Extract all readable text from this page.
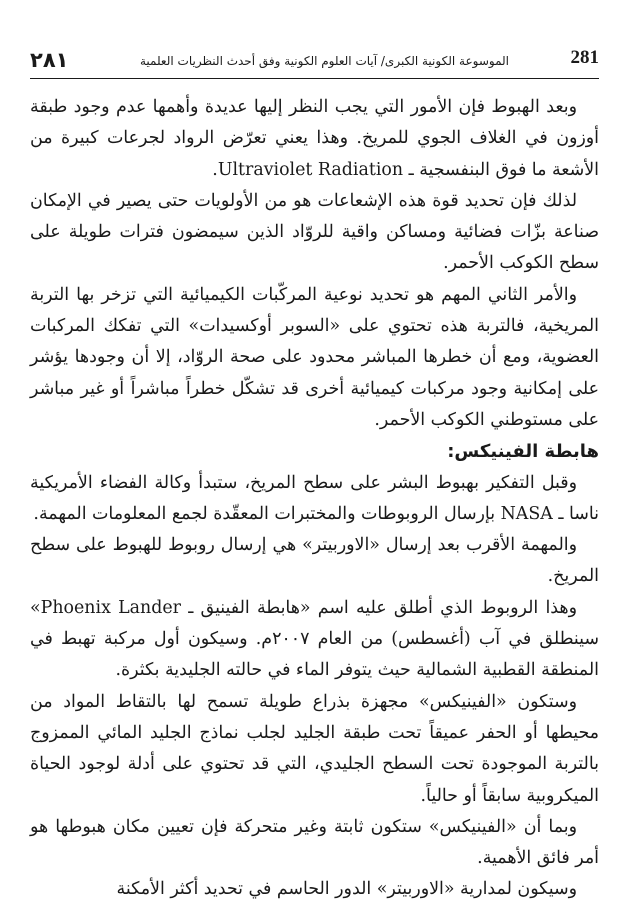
٢٨١	الموسوعة الكونية الكبرى/ آيات العلوم الكونية وفق أحدث النظريات العلمية	281

وبعد الهبوط فإن الأمور التي يجب النظر إليها عديدة وأهمها عدم وجود طبقة أوزون في الغلاف الجوي للمريخ. وهذا يعني تعرّض الرواد لجرعات كبيرة من الأشعة ما فوق البنفسجية ـ Ultraviolet Radiation.

لذلك فإن تحديد قوة هذه الإشعاعات هو من الأولويات حتى يصير في الإمكان صناعة بزّات فضائية ومساكن واقية للروّاد الذين سيمضون فترات طويلة على سطح الكوكب الأحمر.

والأمر الثاني المهم هو تحديد نوعية المركّبات الكيميائية التي تزخر بها التربة المريخية، فالتربة هذه تحتوي على «السوبر أوكسيدات» التي تفكك المركبات العضوية، ومع أن خطرها المباشر محدود على صحة الروّاد، إلا أن وجودها يؤشر على إمكانية وجود مركبات كيميائية أخرى قد تشكّل خطراً مباشراً أو غير مباشر على مستوطني الكوكب الأحمر.

هابطة الفينيكس:

وقبل التفكير بهبوط البشر على سطح المريخ، ستبدأ وكالة الفضاء الأمريكية ناسا ـ NASA بإرسال الروبوطات والمختبرات المعقّدة لجمع المعلومات المهمة.

والمهمة الأقرب بعد إرسال «الاوربيتر» هي إرسال روبوط للهبوط على سطح المريخ.

وهذا الروبوط الذي أطلق عليه اسم «هابطة الفينيق ـ Phoenix Lander» سينطلق في آب (أغسطس) من العام ٢٠٠٧م. وسيكون أول مركبة تهبط في المنطقة القطبية الشمالية حيث يتوفر الماء في حالته الجليدية بكثرة.

وستكون «الفينيكس» مجهزة بذراع طويلة تسمح لها بالتقاط المواد من محيطها أو الحفر عميقاً تحت طبقة الجليد لجلب نماذج الجليد المائي الممزوج بالتربة الموجودة تحت السطح الجليدي، التي قد تحتوي على أدلة لوجود الحياة الميكروبية سابقاً أو حالياً.

وبما أن «الفينيكس» ستكون ثابتة وغير متحركة فإن تعيين مكان هبوطها هو أمر فائق الأهمية.

وسيكون لمدارية «الاوربيتر» الدور الحاسم في تحديد أكثر الأمكنة
